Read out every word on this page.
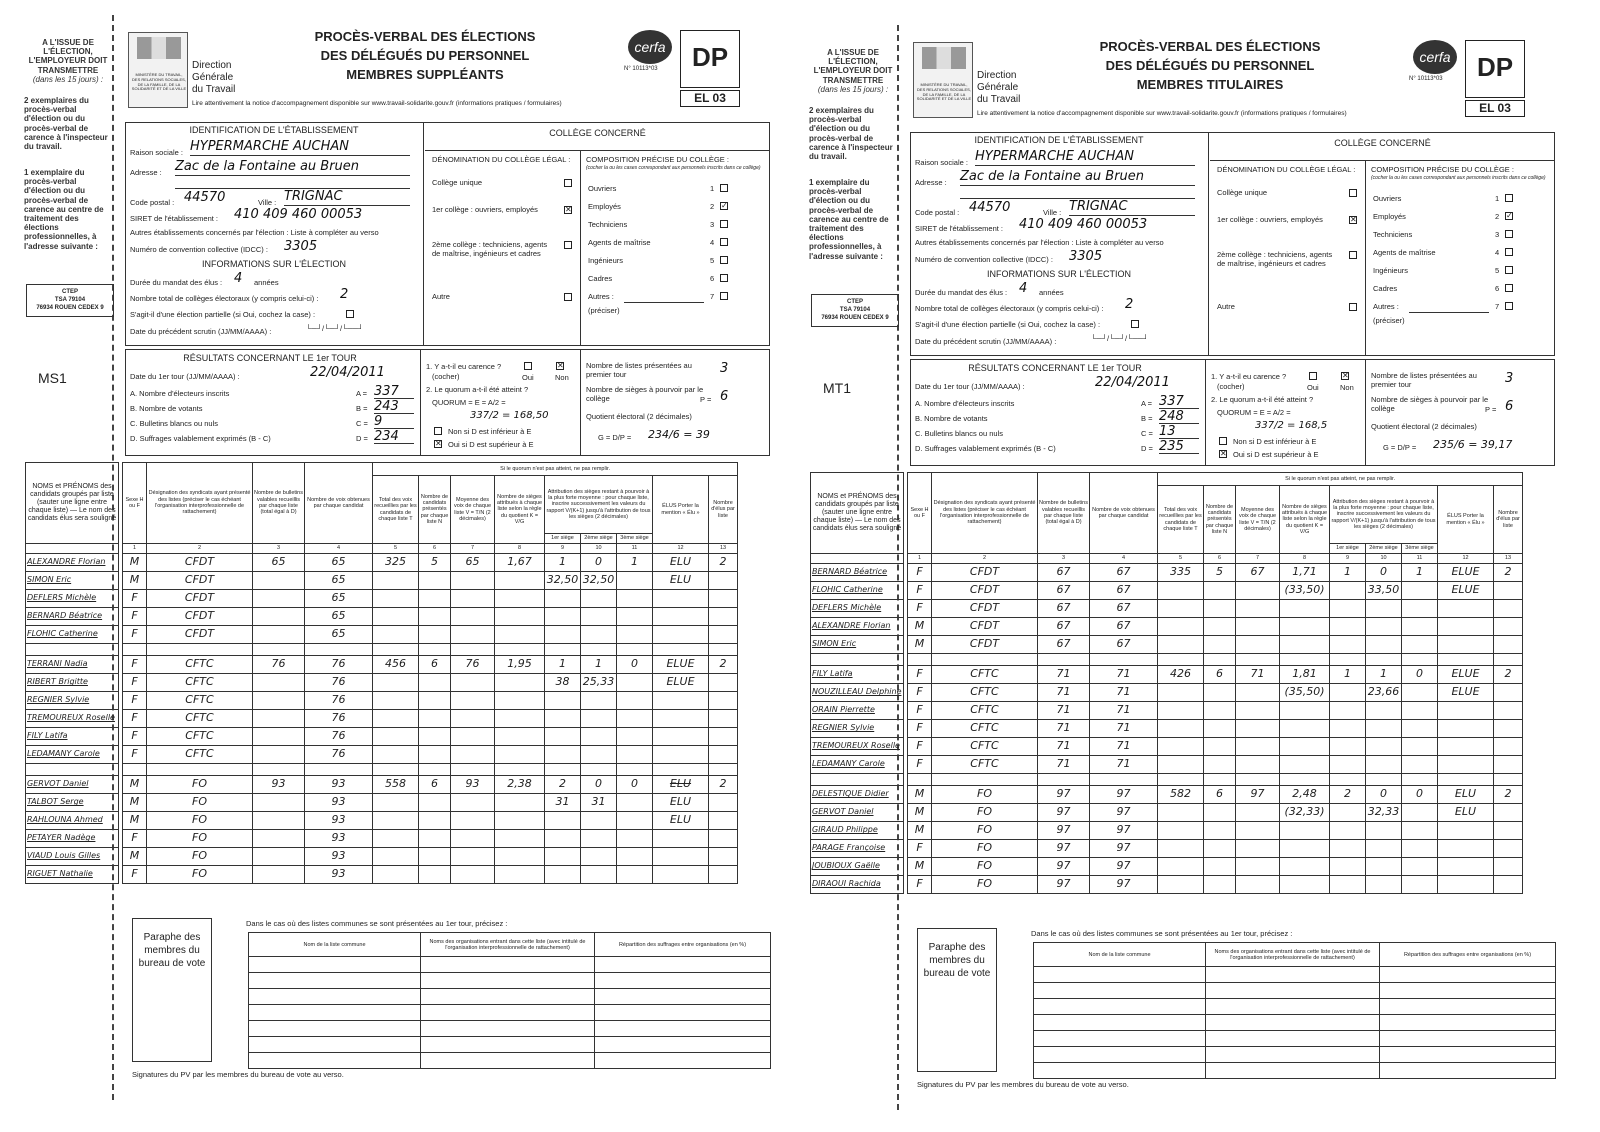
A L'ISSUE DE
L'ÉLECTION,
L'EMPLOYEUR DOIT
TRANSMETTRE
(dans les 15 jours) :
2 exemplaires du procès-verbal d'élection ou du procès-verbal de carence à l'inspecteur du travail.
1 exemplaire du procès-verbal d'élection ou du procès-verbal de carence au centre de traitement des élections professionnelles, à l'adresse suivante :
CTEP
TSA 79104
76934 ROUEN CEDEX 9
MS1
MINISTÈRE DU TRAVAIL, DES RELATIONS SOCIALES, DE LA FAMILLE, DE LA SOLIDARITÉ ET DE LA VILLE
Direction
Générale
du Travail
PROCÈS-VERBAL DES ÉLECTIONS
DES DÉLÉGUÉS DU PERSONNEL
MEMBRES SUPPLÉANTS
cerfa
N° 10113*03	DP
EL 03
Lire attentivement la notice d'accompagnement disponible sur www.travail-solidarite.gouv.fr (informations pratiques / formulaires)
IDENTIFICATION DE L'ÉTABLISSEMENT
Raison sociale : HYPERMARCHE AUCHAN
Adresse : Zac de la Fontaine au Bruen
Code postal : 44570	Ville : TRIGNAC
SIRET de l'établissement : 410 409 460 00053
Autres établissements concernés par l'élection : Liste à compléter au verso
Numéro de convention collective (IDCC) : 3305
INFORMATIONS SUR L'ÉLECTION
Durée du mandat des élus : 4 années
Nombre total de collèges électoraux (y compris celui-ci) : 2
S'agit-il d'une élection partielle (si Oui, cochez la case) :
Date du précédent scrutin (JJ/MM/AAAA) :	└─┘/└─┘/└──┘
COLLÈGE CONCERNÉ
DÉNOMINATION DU COLLÈGE LÉGAL :
Collège unique
1er collège : ouvriers, employés	✕
2ème collège : techniciens, agents de maîtrise, ingénieurs et cadres
Autre
COMPOSITION PRÉCISE DU COLLÈGE :
(cocher la ou les cases correspondant aux personnels inscrits dans ce collège)
Ouvriers	1
Employés	2 ✓
Techniciens	3
Agents de maîtrise	4
Ingénieurs	5
Cadres	6
Autres :	7
(préciser)
RÉSULTATS CONCERNANT LE 1er TOUR
Date du 1er tour (JJ/MM/AAAA) :	22/04/2011
A. Nombre d'électeurs inscrits	A = 337
B. Nombre de votants	B = 243
C. Bulletins blancs ou nuls	C = 9
D. Suffrages valablement exprimés (B - C)	D = 234
1. Y a-t-il eu carence ?
(cocher)	Oui
✕
Non
2. Le quorum a-t-il été atteint ?
QUORUM = E = A/2 =
337/2 = 168,50
Non si D est inférieur à E
✕ Oui si D est supérieur à E
Nombre de listes présentées au premier tour	3
Nombre de sièges à pourvoir par le collège	P = 6
Quotient électoral (2 décimales)
G = D/P = 234/6 = 39
NOMS et PRÉNOMS des candidats groupés par liste (sauter une ligne entre chaque liste) — Le nom des candidats élus sera souligné		Sexe H ou F	Désignation des syndicats ayant présenté des listes (préciser le cas échéant l'organisation interprofessionnelle de rattachement)	Nombre de bulletins valables recueillis par chaque liste (total égal à D)	Nombre de voix obtenues par chaque candidat	Si le quorum n'est pas atteint, ne pas remplir.								
						Total des voix recueillies par les candidats de chaque liste T	Nombre de candidats présentés par chaque liste N	Moyenne des voix de chaque liste V = T/N (2 décimales)	Nombre de sièges attribués à chaque liste selon la règle du quotient K = V/G	Attribution des sièges restant à pourvoir à la plus forte moyenne : pour chaque liste, inscrire successivement les valeurs du rapport V/(K+1) jusqu'à l'attribution de tous les sièges (2 décimales)			ÉLUS Porter la mention « Élu »	Nombre d'élus par liste
										1er siège	2ème siège	3ème siège		
		1	2	3	4	5	6	7	8	9	10	11	12	13
ALEXANDRE Florian		M	CFDT	65	65	325	5	65	1,67	1	0	1	ELU	2
SIMON Eric		M	CFDT		65					32,50	32,50		ELU	
DEFLERS Michèle		F	CFDT		65									
BERNARD Béatrice		F	CFDT		65									
FLOHIC Catherine		F	CFDT		65									

TERRANI Nadia		F	CFTC	76	76	456	6	76	1,95	1	1	0	ELUE	2
RIBERT Brigitte		F	CFTC		76					38	25,33		ELUE	
REGNIER Sylvie		F	CFTC		76									
TREMOUREUX Roselle		F	CFTC		76									
FILY Latifa		F	CFTC		76									
LEDAMANY Carole		F	CFTC		76									

GERVOT Daniel		M	FO	93	93	558	6	93	2,38	2	0	0	ELU	2
TALBOT Serge		M	FO		93					31	31		ELU	
RAHLOUNA Ahmed		M	FO		93								ELU	
PETAYER Nadège		F	FO		93									
VIAUD Louis Gilles		M	FO		93									
RIGUET Nathalie		F	FO		93									
Paraphe des membres du bureau de vote
Dans le cas où des listes communes se sont présentées au 1er tour, précisez :
Nom de la liste commune	Noms des organisations entrant dans cette liste (avec intitulé de l'organisation interprofessionnelle de rattachement)	Répartition des suffrages entre organisations (en %)

Signatures du PV par les membres du bureau de vote au verso.
A L'ISSUE DE
L'ÉLECTION,
L'EMPLOYEUR DOIT
TRANSMETTRE
(dans les 15 jours) :
2 exemplaires du procès-verbal d'élection ou du procès-verbal de carence à l'inspecteur du travail.
1 exemplaire du procès-verbal d'élection ou du procès-verbal de carence au centre de traitement des élections professionnelles, à l'adresse suivante :
CTEP
TSA 79104
76934 ROUEN CEDEX 9
MT1
MINISTÈRE DU TRAVAIL, DES RELATIONS SOCIALES, DE LA FAMILLE, DE LA SOLIDARITÉ ET DE LA VILLE
Direction
Générale
du Travail
PROCÈS-VERBAL DES ÉLECTIONS
DES DÉLÉGUÉS DU PERSONNEL
MEMBRES TITULAIRES
cerfa
N° 10113*03	DP
EL 03
Lire attentivement la notice d'accompagnement disponible sur www.travail-solidarite.gouv.fr (informations pratiques / formulaires)
IDENTIFICATION DE L'ÉTABLISSEMENT
Raison sociale : HYPERMARCHE AUCHAN
Adresse : Zac de la Fontaine au Bruen
Code postal : 44570	Ville : TRIGNAC
SIRET de l'établissement : 410 409 460 00053
Autres établissements concernés par l'élection : Liste à compléter au verso
Numéro de convention collective (IDCC) : 3305
INFORMATIONS SUR L'ÉLECTION
Durée du mandat des élus : 4 années
Nombre total de collèges électoraux (y compris celui-ci) : 2
S'agit-il d'une élection partielle (si Oui, cochez la case) :
Date du précédent scrutin (JJ/MM/AAAA) :	└─┘/└─┘/└──┘
COLLÈGE CONCERNÉ
DÉNOMINATION DU COLLÈGE LÉGAL :
Collège unique
1er collège : ouvriers, employés	✕
2ème collège : techniciens, agents de maîtrise, ingénieurs et cadres
Autre
COMPOSITION PRÉCISE DU COLLÈGE :
(cocher la ou les cases correspondant aux personnels inscrits dans ce collège)
Ouvriers	1
Employés	2 ✓
Techniciens	3
Agents de maîtrise	4
Ingénieurs	5
Cadres	6
Autres :	7
(préciser)
RÉSULTATS CONCERNANT LE 1er TOUR
Date du 1er tour (JJ/MM/AAAA) :	22/04/2011
A. Nombre d'électeurs inscrits	A = 337
B. Nombre de votants	B = 248
C. Bulletins blancs ou nuls	C = 13
D. Suffrages valablement exprimés (B - C)	D = 235
1. Y a-t-il eu carence ?
(cocher)	Oui
✕
Non
2. Le quorum a-t-il été atteint ?
QUORUM = E = A/2 =
337/2 = 168,5
Non si D est inférieur à E
✕ Oui si D est supérieur à E
Nombre de listes présentées au premier tour	3
Nombre de sièges à pourvoir par le collège	P = 6
Quotient électoral (2 décimales)
G = D/P = 235/6 = 39,17
NOMS et PRÉNOMS des candidats groupés par liste (sauter une ligne entre chaque liste) — Le nom des candidats élus sera souligné		Sexe H ou F	Désignation des syndicats ayant présenté des listes (préciser le cas échéant l'organisation interprofessionnelle de rattachement)	Nombre de bulletins valables recueillis par chaque liste (total égal à D)	Nombre de voix obtenues par chaque candidat	Si le quorum n'est pas atteint, ne pas remplir.								
						Total des voix recueillies par les candidats de chaque liste T	Nombre de candidats présentés par chaque liste N	Moyenne des voix de chaque liste V = T/N (2 décimales)	Nombre de sièges attribués à chaque liste selon la règle du quotient K = V/G	Attribution des sièges restant à pourvoir à la plus forte moyenne : pour chaque liste, inscrire successivement les valeurs du rapport V/(K+1) jusqu'à l'attribution de tous les sièges (2 décimales)			ÉLUS Porter la mention « Élu »	Nombre d'élus par liste
										1er siège	2ème siège	3ème siège		
		1	2	3	4	5	6	7	8	9	10	11	12	13
BERNARD Béatrice		F	CFDT	67	67	335	5	67	1,71	1	0	1	ELUE	2
FLOHIC Catherine		F	CFDT	67	67				(33,50)		33,50		ELUE	
DEFLERS Michèle		F	CFDT	67	67									
ALEXANDRE Florian		M	CFDT	67	67									
SIMON Eric		M	CFDT	67	67									

FILY Latifa		F	CFTC	71	71	426	6	71	1,81	1	1	0	ELUE	2
NOUZILLEAU Delphine		F	CFTC	71	71				(35,50)		23,66		ELUE	
ORAIN Pierrette		F	CFTC	71	71									
REGNIER Sylvie		F	CFTC	71	71									
TREMOUREUX Roselle		F	CFTC	71	71									
LEDAMANY Carole		F	CFTC	71	71									

DELESTIQUE Didier		M	FO	97	97	582	6	97	2,48	2	0	0	ELU	2
GERVOT Daniel		M	FO	97	97				(32,33)		32,33		ELU	
GIRAUD Philippe		M	FO	97	97									
PARAGE Françoise		F	FO	97	97									
JOUBIOUX Gaëlle		M	FO	97	97									
DIRAOUI Rachida		F	FO	97	97									
Paraphe des membres du bureau de vote
Dans le cas où des listes communes se sont présentées au 1er tour, précisez :
Nom de la liste commune	Noms des organisations entrant dans cette liste (avec intitulé de l'organisation interprofessionnelle de rattachement)	Répartition des suffrages entre organisations (en %)

Signatures du PV par les membres du bureau de vote au verso.
